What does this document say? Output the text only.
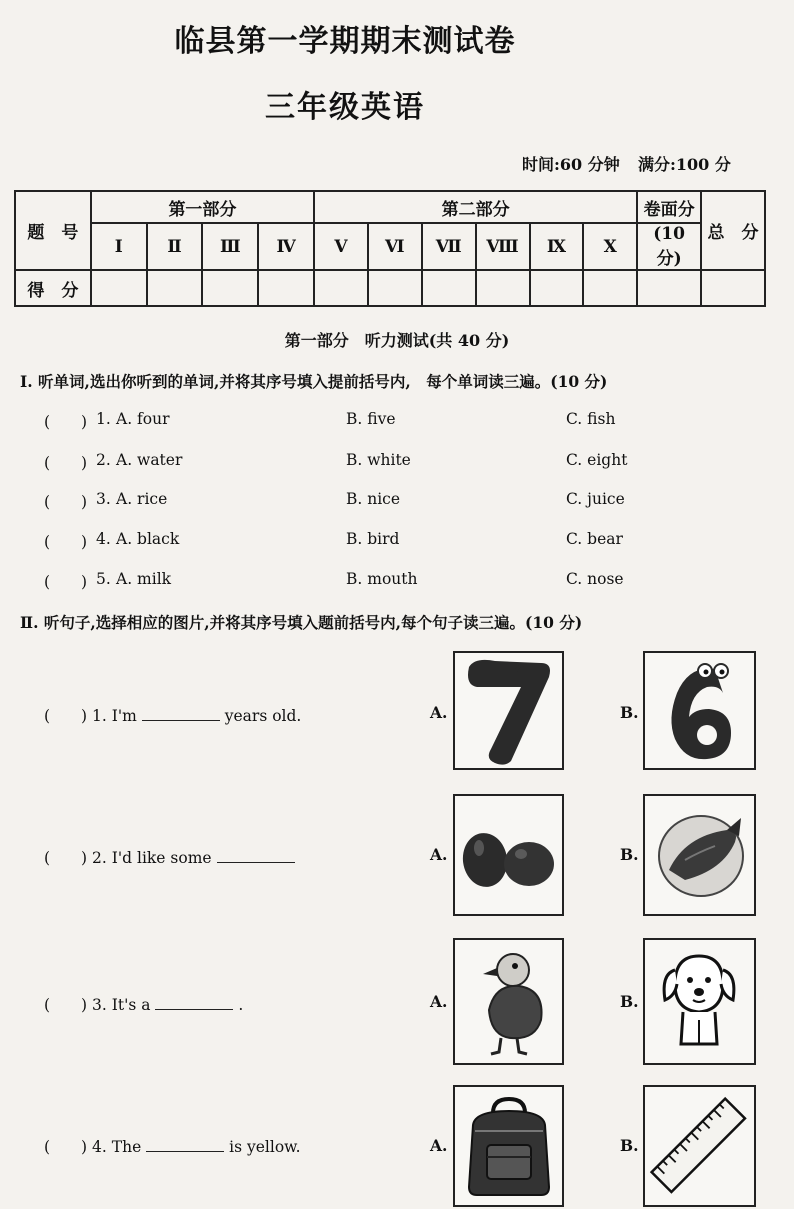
临县第一学期期末测试卷
三年级英语
时间:60 分钟 满分:100 分
题　号	第一部分				第二部分						卷面分	总　分
	Ⅰ	Ⅱ	Ⅲ	Ⅳ	Ⅴ	Ⅵ	Ⅶ	Ⅷ	Ⅸ	Ⅹ	(10 分)	
得　分												
第一部分　听力测试(共 40 分)
Ⅰ. 听单词,选出你听到的单词,并将其序号填入提前括号内,　每个单词读三遍。(10 分)
(　　) 1. A. four	B. five	C. fish
(　　) 2. A. water	B. white	C. eight
(　　) 3. A. rice	B. nice	C. juice
(　　) 4. A. black	B. bird	C. bear
(　　) 5. A. milk	B. mouth	C. nose
Ⅱ. 听句子,选择相应的图片,并将其序号填入题前括号内,每个句子读三遍。(10 分)
(　　) 1. I'm	years old.	A.	B.
(　　) 2. I'd like some	A.	B.
(　　) 3. It's a	.	A.	B.
(　　) 4. The	is yellow.	A.	B.
